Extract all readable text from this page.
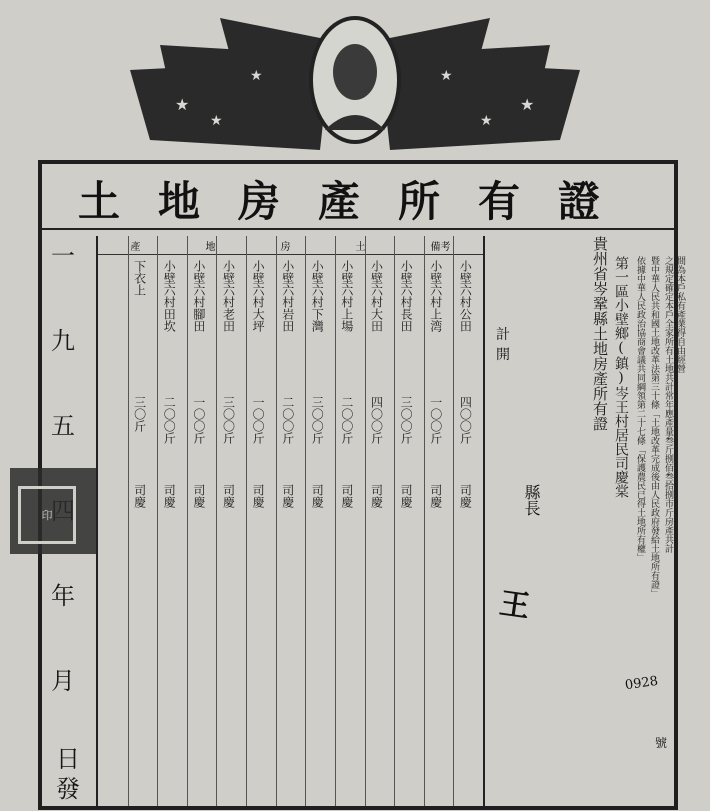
★
★
★
★
★
★
土地房產所有證
一
九
五
年
月
日發
印
產	地	房	土	備考
小壁六村公田
四〇〇斤
司慶
小壁六村上湾
一〇〇斤
司慶
小壁六村長田
三〇〇斤
司慶
小壁六村大田
四〇〇斤
司慶
小壁六村上場
二〇〇斤
司慶
小壁六村下灣
三〇〇斤
司慶
小壁六村岩田
二〇〇斤
司慶
小壁六村大坪
一〇〇斤
司慶
小壁六村老田
三〇〇斤
司慶
小壁六村腳田
一〇〇斤
司慶
小壁六村田坎
二〇〇斤
司慶
下衣上
三〇斤
司慶
貴州省岑鞏縣土地房產所有證 第一區小壁鄉(鎮)岑王村居民司慶棠 依據中華人民政治協商會議共同綱領第二十七條「保護農民已得土地所有權」 暨中華人民共和國土地改革法第三十條「土地改革完成後由人民政府發給土地所有證」 之規定確定本戶全家所有土地共計常年應產量叁斤捌佰叁拾捌市斤房產共計 間為本戶私有產業得自由經營
0928
號
計
開
縣長
王
